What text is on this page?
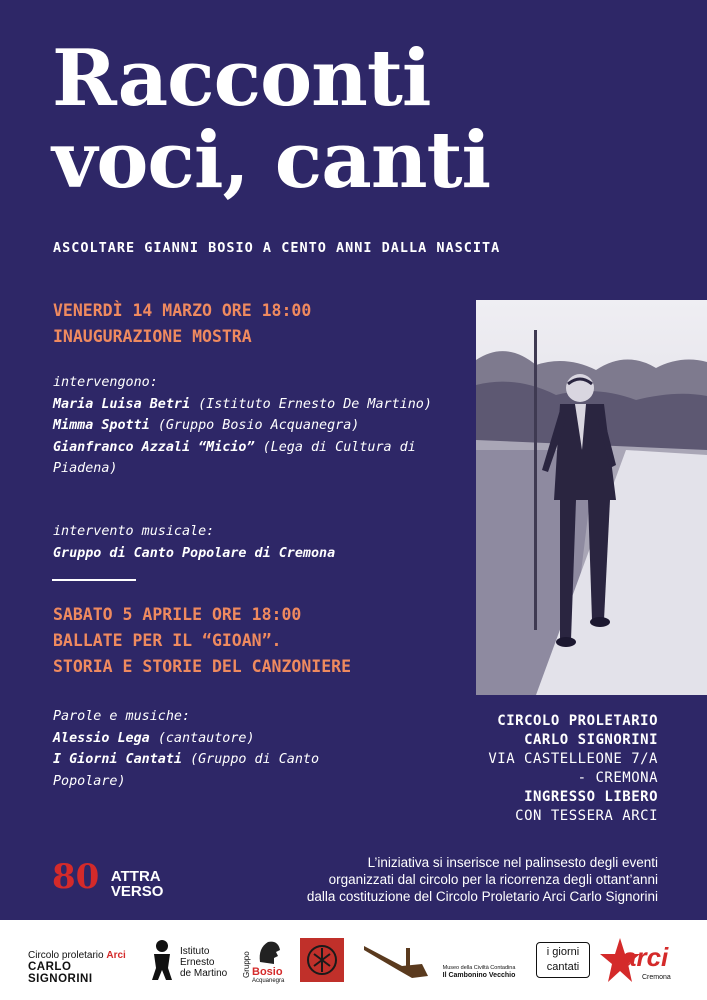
Racconti
voci, canti
ASCOLTARE GIANNI BOSIO A CENTO ANNI DALLA NASCITA
VENERDÌ 14 MARZO ORE 18:00
INAUGURAZIONE MOSTRA
intervengono:
Maria Luisa Betri (Istituto Ernesto De Martino)
Mimma Spotti (Gruppo Bosio Acquanegra)
Gianfranco Azzali “Micio” (Lega di Cultura di Piadena)
intervento musicale:
Gruppo di Canto Popolare di Cremona
SABATO 5 APRILE ORE 18:00
BALLATE PER IL “GIOAN”.
STORIA E STORIE DEL CANZONIERE
Parole e musiche:
Alessio Lega (cantautore)
I Giorni Cantati (Gruppo di Canto Popolare)
CIRCOLO PROLETARIO
CARLO SIGNORINI
VIA CASTELLEONE 7/A
- CREMONA
INGRESSO LIBERO
CON TESSERA ARCI
80 ATTRA
VERSO
L’iniziativa si inserisce nel palinsesto degli eventi
organizzati dal circolo per la ricorrenza degli ottant’anni
dalla costituzione del Circolo Proletario Arci Carlo Signorini
Circolo proletario Arci
CARLO SIGNORINI
Istituto
Ernesto
de Martino Gruppo Bosio
Acquanegra
Museo della Civiltà Contadina
Il Cambonino Vecchio
i giorni
cantati	arci
Cremona
